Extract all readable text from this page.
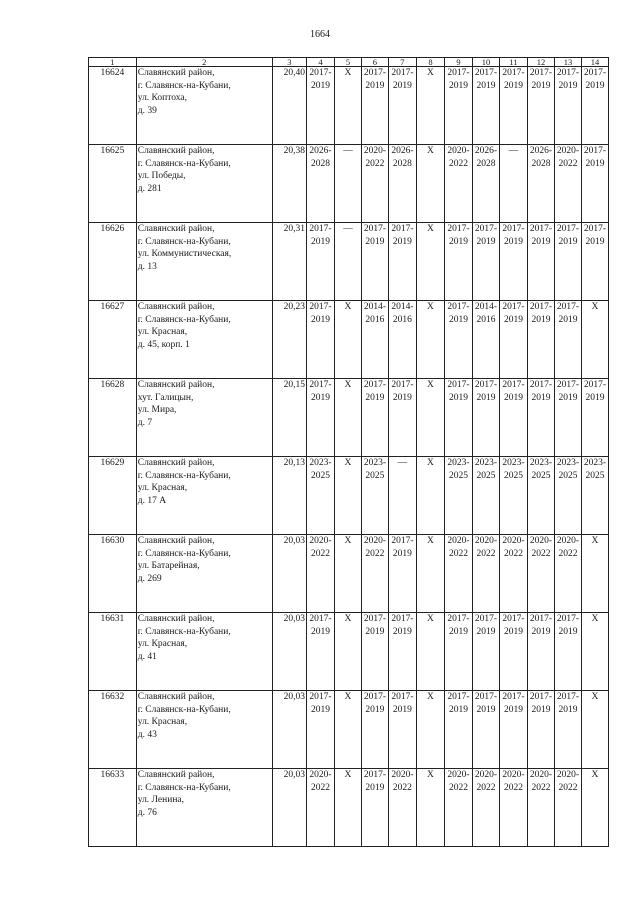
1664
1	2	3	4	5	6	7	8	9	10	11	12	13	14
16624	Славянский район,
г. Славянск-на-Кубани,
ул. Коптоха,
д. 39	20,40	2017-
2019	X	2017-
2019	2017-
2019	X	2017-
2019	2017-
2019	2017-
2019	2017-
2019	2017-
2019	2017-
2019

16625	Славянский район,
г. Славянск-на-Кубани,
ул. Победы,
д. 281	20,38	2026-
2028	—	2020-
2022	2026-
2028	X	2020-
2022	2026-
2028	—	2026-
2028	2020-
2022	2017-
2019

16626	Славянский район,
г. Славянск-на-Кубани,
ул. Коммунистическая,
д. 13	20,31	2017-
2019	—	2017-
2019	2017-
2019	X	2017-
2019	2017-
2019	2017-
2019	2017-
2019	2017-
2019	2017-
2019

16627	Славянский район,
г. Славянск-на-Кубани,
ул. Красная,
д. 45, корп. 1	20,23	2017-
2019	X	2014-
2016	2014-
2016	X	2017-
2019	2014-
2016	2017-
2019	2017-
2019	2017-
2019	X
16628	Славянский район,
хут. Галицын,
ул. Мира,
д. 7	20,15	2017-
2019	X	2017-
2019	2017-
2019	X	2017-
2019	2017-
2019	2017-
2019	2017-
2019	2017-
2019	2017-
2019

16629	Славянский район,
г. Славянск-на-Кубани,
ул. Красная,
д. 17 А	20,13	2023-
2025	X	2023-
2025	—	X	2023-
2025	2023-
2025	2023-
2025	2023-
2025	2023-
2025	2023-
2025

16630	Славянский район,
г. Славянск-на-Кубани,
ул. Батарейная,
д. 269	20,03	2020-
2022	X	2020-
2022	2017-
2019	X	2020-
2022	2020-
2022	2020-
2022	2020-
2022	2020-
2022	X
16631	Славянский район,
г. Славянск-на-Кубани,
ул. Красная,
д. 41	20,03	2017-
2019	X	2017-
2019	2017-
2019	X	2017-
2019	2017-
2019	2017-
2019	2017-
2019	2017-
2019	X
16632	Славянский район,
г. Славянск-на-Кубани,
ул. Красная,
д. 43	20,03	2017-
2019	X	2017-
2019	2017-
2019	X	2017-
2019	2017-
2019	2017-
2019	2017-
2019	2017-
2019	X
16633	Славянский район,
г. Славянск-на-Кубани,
ул. Ленина,
д. 76	20,03	2020-
2022	X	2017-
2019	2020-
2022	X	2020-
2022	2020-
2022	2020-
2022	2020-
2022	2020-
2022	X
